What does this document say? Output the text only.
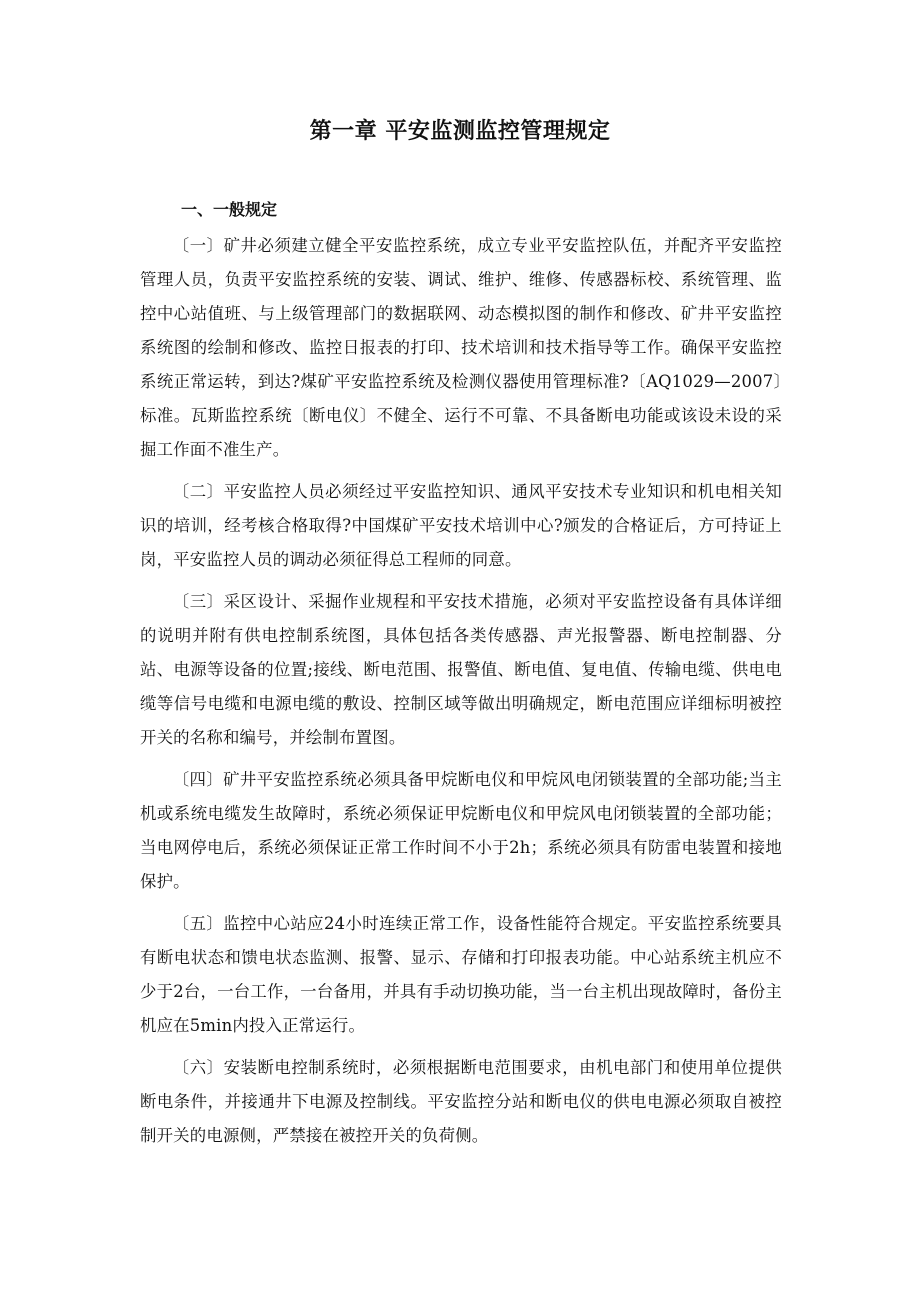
第一章 平安监测监控管理规定
一、一般规定

〔一〕矿井必须建立健全平安监控系统，成立专业平安监控队伍，并配齐平安监控管理人员，负责平安监控系统的安装、调试、维护、维修、传感器标校、系统管理、监控中心站值班、与上级管理部门的数据联网、动态模拟图的制作和修改、矿井平安监控系统图的绘制和修改、监控日报表的打印、技术培训和技术指导等工作。确保平安监控系统正常运转，到达?煤矿平安监控系统及检测仪器使用管理标准?〔AQ1029—2007〕标准。瓦斯监控系统〔断电仪〕不健全、运行不可靠、不具备断电功能或该设未设的采掘工作面不准生产。

〔二〕平安监控人员必须经过平安监控知识、通风平安技术专业知识和机电相关知识的培训，经考核合格取得?中国煤矿平安技术培训中心?颁发的合格证后，方可持证上岗，平安监控人员的调动必须征得总工程师的同意。

〔三〕采区设计、采掘作业规程和平安技术措施，必须对平安监控设备有具体详细的说明并附有供电控制系统图，具体包括各类传感器、声光报警器、断电控制器、分站、电源等设备的位置;接线、断电范围、报警值、断电值、复电值、传输电缆、供电电缆等信号电缆和电源电缆的敷设、控制区域等做出明确规定，断电范围应详细标明被控开关的名称和编号，并绘制布置图。

〔四〕矿井平安监控系统必须具备甲烷断电仪和甲烷风电闭锁装置的全部功能;当主机或系统电缆发生故障时，系统必须保证甲烷断电仪和甲烷风电闭锁装置的全部功能；当电网停电后，系统必须保证正常工作时间不小于2h；系统必须具有防雷电装置和接地保护。

〔五〕监控中心站应24小时连续正常工作，设备性能符合规定。平安监控系统要具有断电状态和馈电状态监测、报警、显示、存储和打印报表功能。中心站系统主机应不少于2台，一台工作，一台备用，并具有手动切换功能，当一台主机出现故障时，备份主机应在5min内投入正常运行。

〔六〕安装断电控制系统时，必须根据断电范围要求，由机电部门和使用单位提供断电条件，并接通井下电源及控制线。平安监控分站和断电仪的供电电源必须取自被控制开关的电源侧，严禁接在被控开关的负荷侧。
